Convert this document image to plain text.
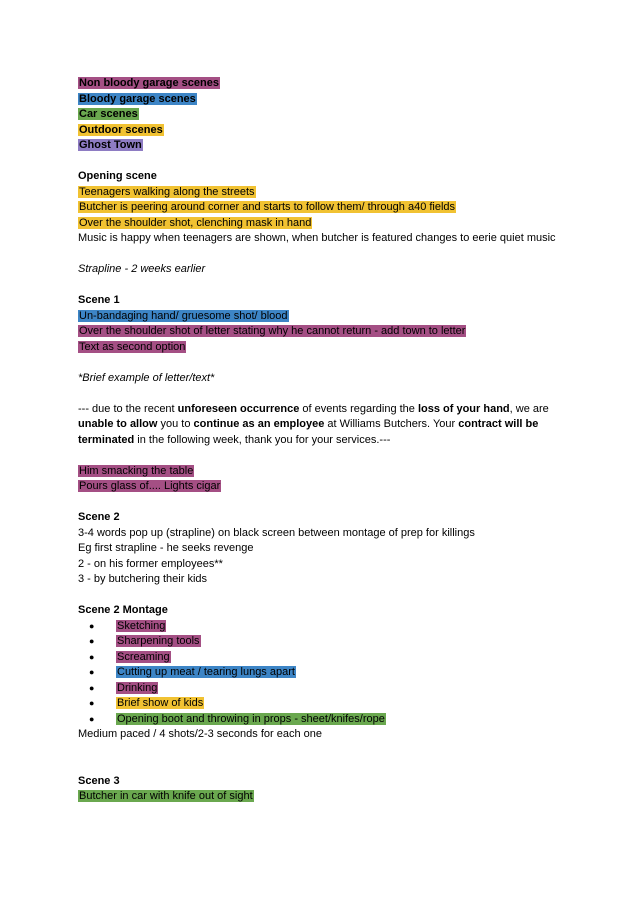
Non bloody garage scenes
Bloody garage scenes
Car scenes
Outdoor scenes
Ghost Town
Opening scene
Teenagers walking along the streets
Butcher is peering around corner and starts to follow them/ through a40 fields
Over the shoulder shot, clenching mask in hand
Music is happy when teenagers are shown, when butcher is featured changes to eerie quiet music
Strapline - 2 weeks earlier
Scene 1
Un-bandaging hand/ gruesome shot/ blood
Over the shoulder shot of letter stating why he cannot return - add town to letter
Text as second option
*Brief example of letter/text*
--- due to the recent unforeseen occurrence of events regarding the loss of your hand, we are unable to allow you to continue as an employee at Williams Butchers. Your contract will be terminated in the following week, thank you for your services.---
Him smacking the table
Pours glass of.... Lights cigar
Scene 2
3-4 words pop up (strapline) on black screen between montage of prep for killings
Eg first strapline - he seeks revenge
2 - on his former employees**
3 - by butchering their kids
Scene 2 Montage
● Sketching
● Sharpening tools
● Screaming
● Cutting up meat / tearing lungs apart
● Drinking
● Brief show of kids
● Opening boot and throwing in props - sheet/knifes/rope
Medium paced / 4 shots/2-3 seconds for each one
Scene 3
Butcher in car with knife out of sight
